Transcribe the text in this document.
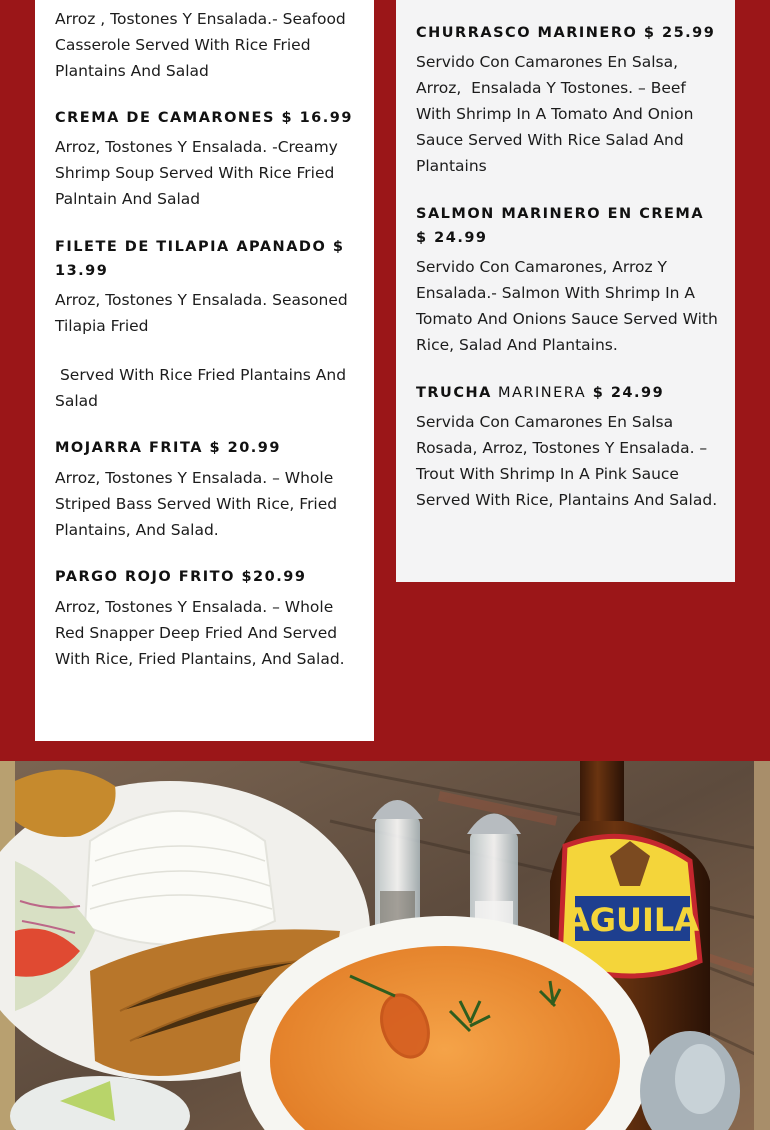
Arroz , Tostones Y Ensalada.- Seafood Casserole Served With Rice Fried Plantains And Salad
CREMA DE CAMARONES $ 16.99
Arroz, Tostones Y Ensalada. -Creamy Shrimp Soup Served With Rice Fried Palntain And Salad
FILETE DE TILAPIA APANADO $ 13.99
Arroz, Tostones Y Ensalada. Seasoned Tilapia Fried
Served With Rice Fried Plantains And Salad
MOJARRA FRITA $ 20.99
Arroz, Tostones Y Ensalada. – Whole Striped Bass Served With Rice, Fried Plantains, And Salad.
PARGO ROJO FRITO $20.99
Arroz, Tostones Y Ensalada. – Whole Red Snapper Deep Fried And Served With Rice, Fried Plantains, And Salad.
CHURRASCO MARINERO $ 25.99
Servido Con Camarones En Salsa, Arroz,  Ensalada Y Tostones. – Beef With Shrimp In A Tomato And Onion Sauce Served With Rice Salad And Plantains
SALMON MARINERO EN CREMA $ 24.99
Servido Con Camarones, Arroz Y Ensalada.- Salmon With Shrimp In A Tomato And Onions Sauce Served With Rice, Salad And Plantains.
TRUCHA MARINERA $ 24.99
Servida Con Camarones En Salsa Rosada, Arroz, Tostones Y Ensalada. – Trout With Shrimp In A Pink Sauce Served With Rice, Plantains And Salad.
AGUILA
